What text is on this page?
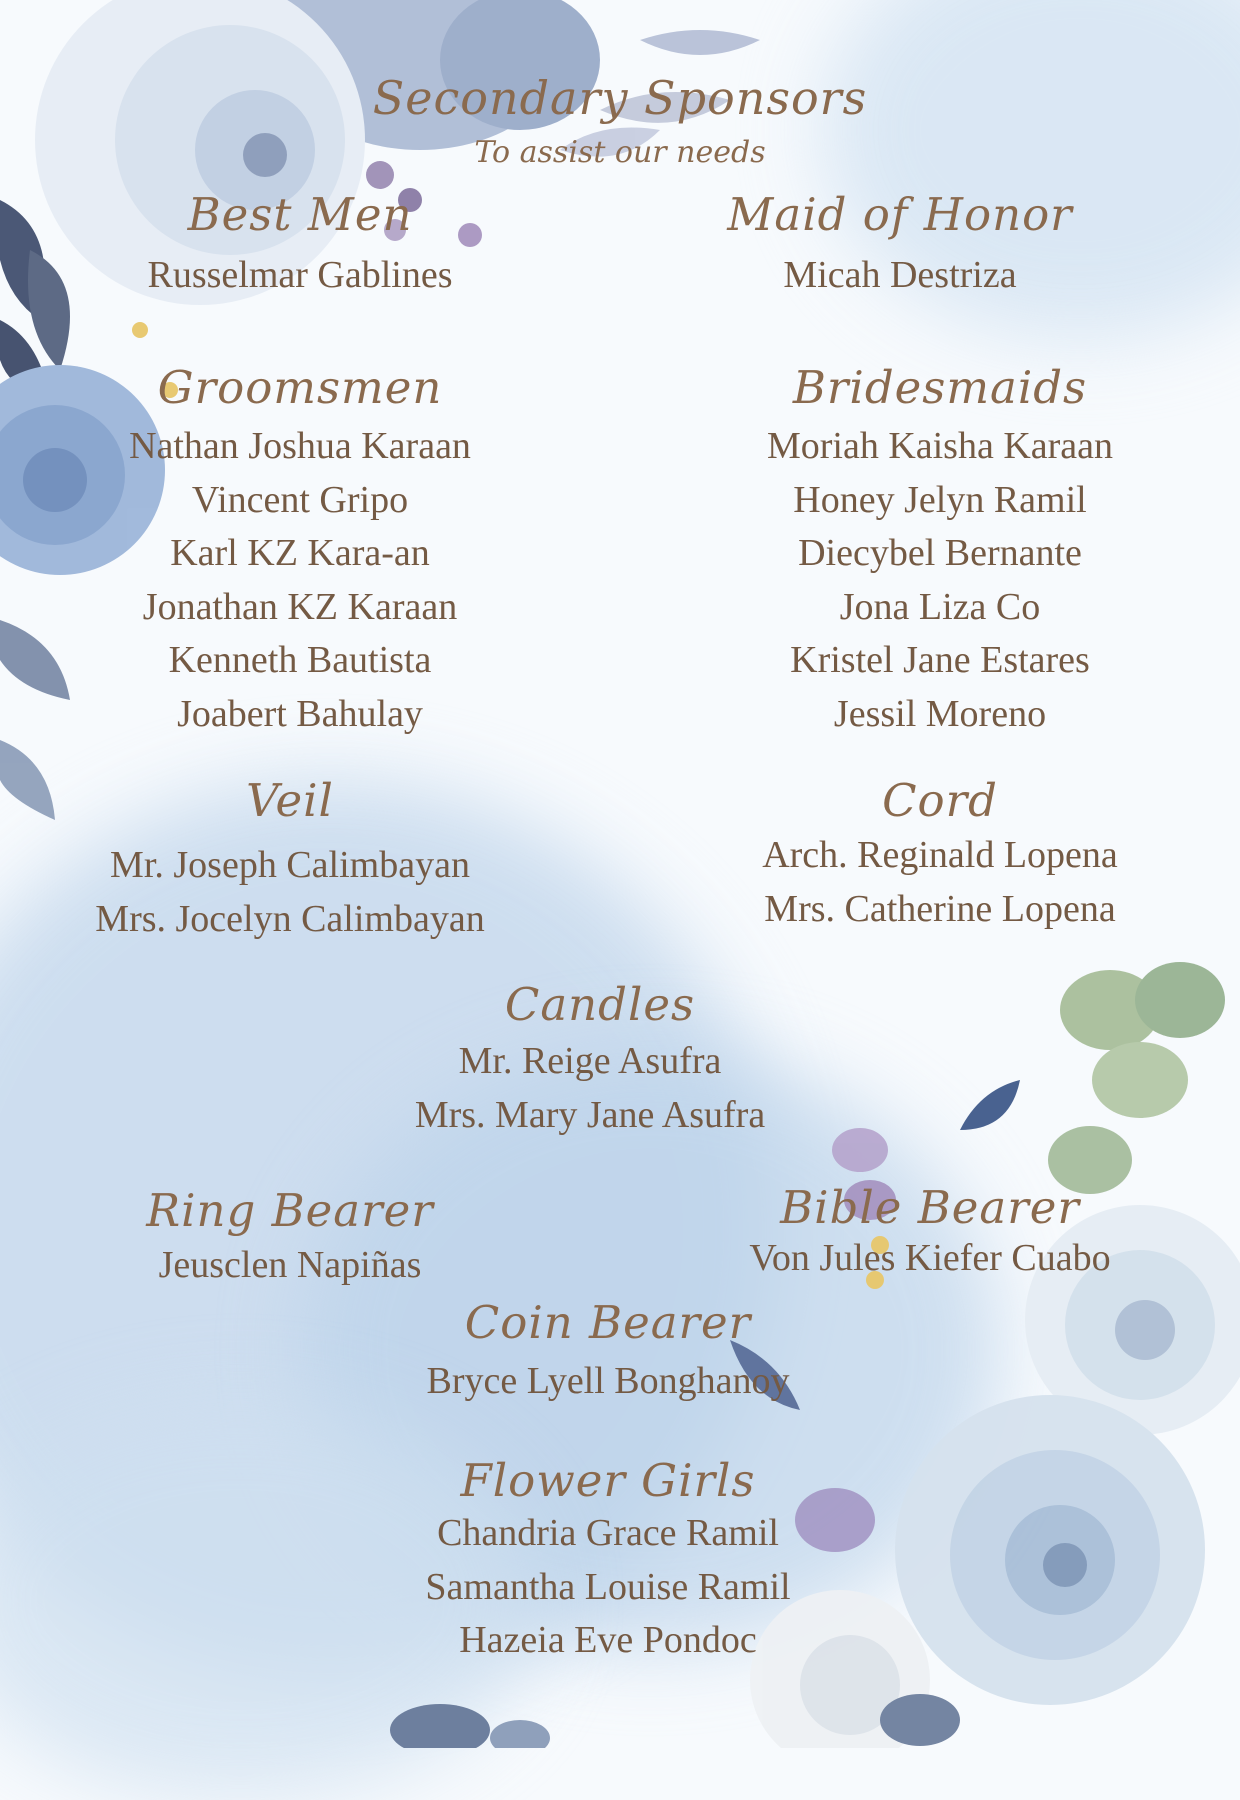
Secondary Sponsors
To assist our needs
Best Men
Russelmar Gablines
Maid of Honor
Micah Destriza
Groomsmen
Nathan Joshua Karaan
Vincent Gripo
Karl KZ Kara-an
Jonathan KZ Karaan
Kenneth Bautista
Joabert Bahulay
Bridesmaids
Moriah Kaisha Karaan
Honey Jelyn Ramil
Diecybel Bernante
Jona Liza Co
Kristel Jane Estares
Jessil Moreno
Veil
Mr. Joseph Calimbayan
Mrs. Jocelyn Calimbayan
Cord
Arch. Reginald Lopena
Mrs. Catherine Lopena
Candles
Mr. Reige Asufra
Mrs. Mary Jane Asufra
Ring Bearer
Jeusclen Napiñas
Bible Bearer
Von Jules Kiefer Cuabo
Coin Bearer
Bryce Lyell Bonghanoy
Flower Girls
Chandria Grace Ramil
Samantha Louise Ramil
Hazeia Eve Pondoc
